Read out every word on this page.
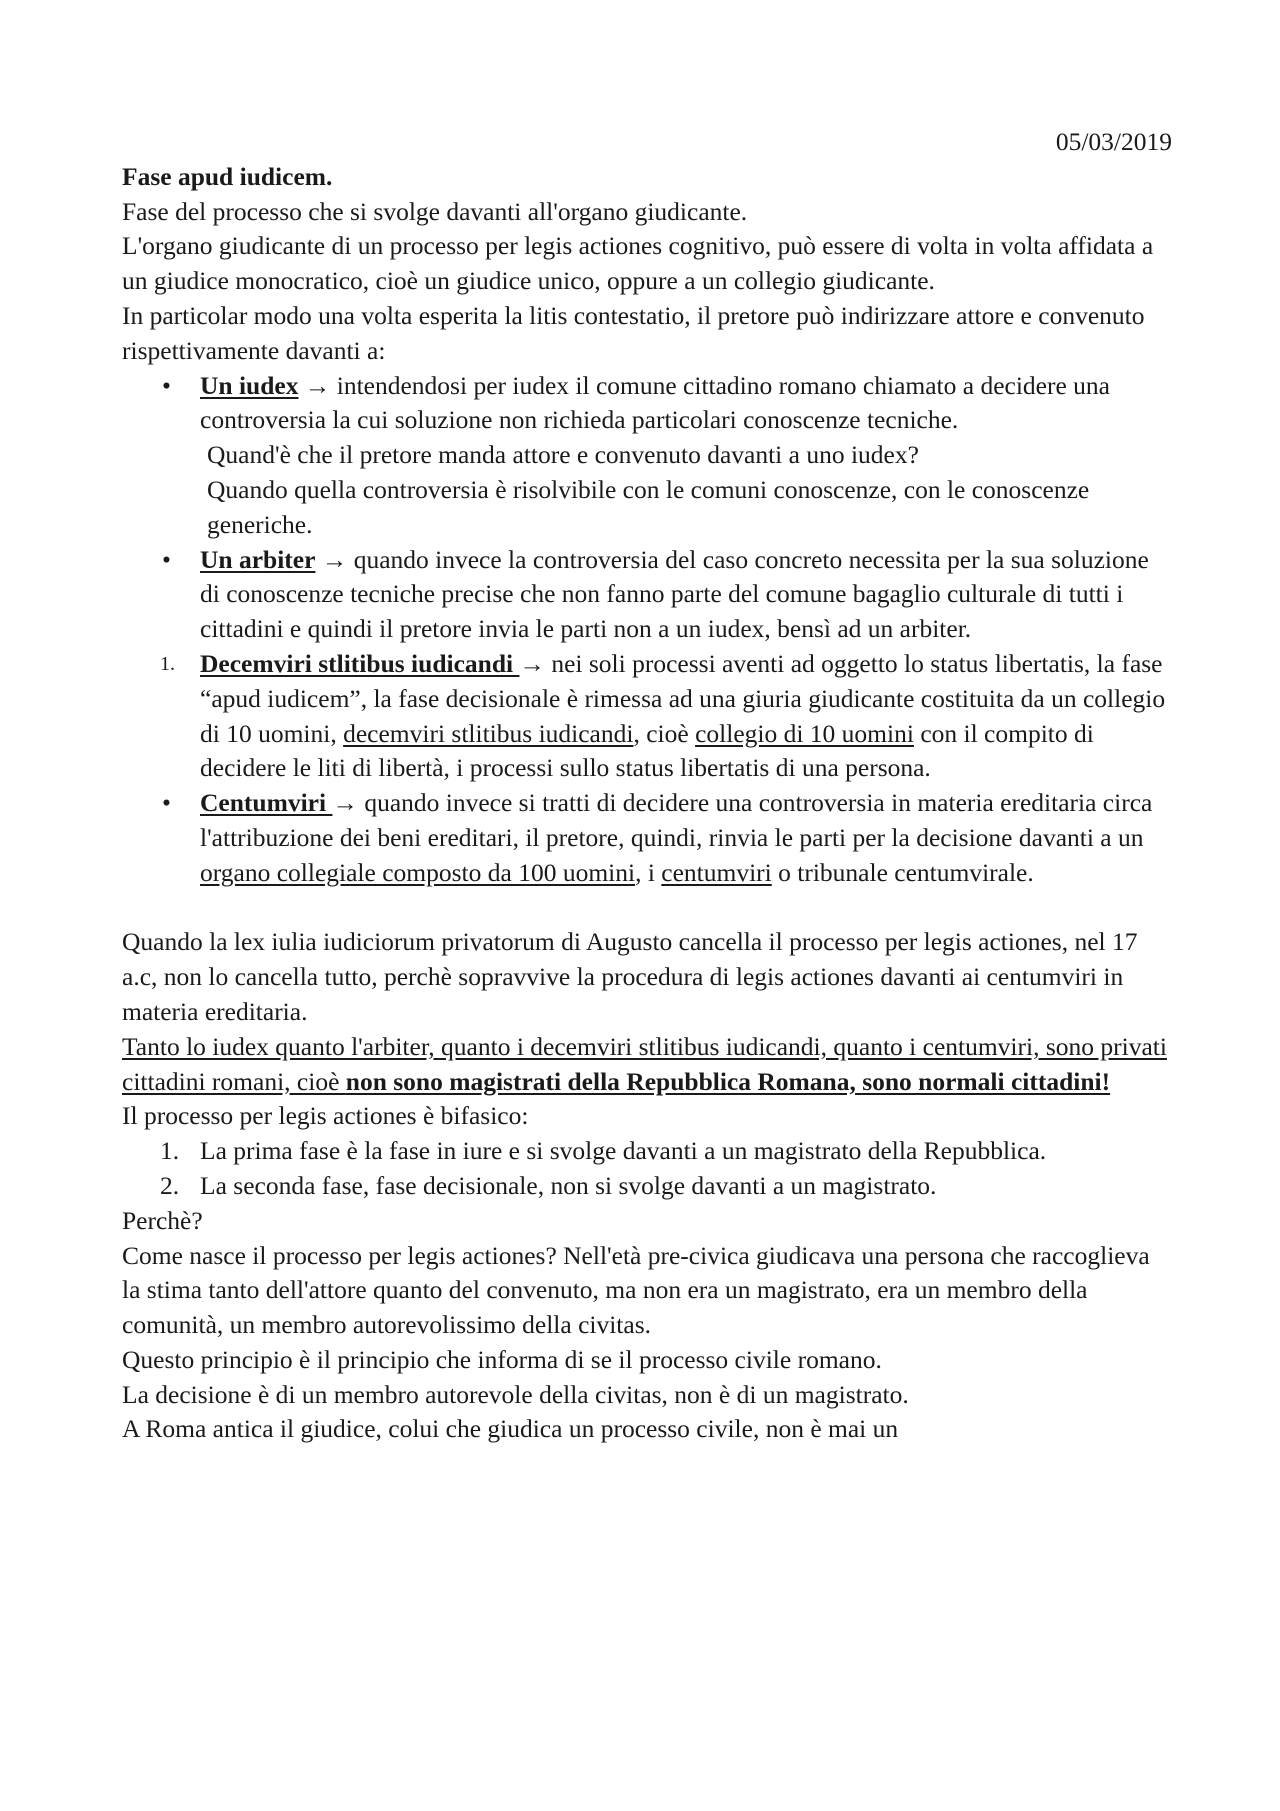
05/03/2019

Fase apud iudicem.

Fase del processo che si svolge davanti all'organo giudicante.

L'organo giudicante di un processo per legis actiones cognitivo, può essere di volta in volta affidata a un giudice monocratico, cioè un giudice unico, oppure a un collegio giudicante.

In particolar modo una volta esperita la litis contestatio, il pretore può indirizzare attore e convenuto rispettivamente davanti a:

•	Un iudex → intendendosi per iudex il comune cittadino romano chiamato a decidere una controversia la cui soluzione non richieda particolari conoscenze tecniche.

Quand'è che il pretore manda attore e convenuto davanti a uno iudex?

Quando quella controversia è risolvibile con le comuni conoscenze, con le conoscenze generiche.

•	Un arbiter → quando invece la controversia del caso concreto necessita per la sua soluzione di conoscenze tecniche precise che non fanno parte del comune bagaglio culturale di tutti i cittadini e quindi il pretore invia le parti non a un iudex, bensì ad un arbiter.
1. Decemviri stlitibus iudicandi → nei soli processi aventi ad oggetto lo status libertatis, la fase “apud iudicem”, la fase decisionale è rimessa ad una giuria giudicante costituita da un collegio di 10 uomini, decemviri stlitibus iudicandi, cioè collegio di 10 uomini con il compito di decidere le liti di libertà, i processi sullo status libertatis di una persona.
•	Centumviri → quando invece si tratti di decidere una controversia in materia ereditaria circa l'attribuzione dei beni ereditari, il pretore, quindi, rinvia le parti per la decisione davanti a un organo collegiale composto da 100 uomini, i centumviri o tribunale centumvirale.

Quando la lex iulia iudiciorum privatorum di Augusto cancella il processo per legis actiones, nel 17 a.c, non lo cancella tutto, perchè sopravvive la procedura di legis actiones davanti ai centumviri in materia ereditaria.

Tanto lo iudex quanto l'arbiter, quanto i decemviri stlitibus iudicandi, quanto i centumviri, sono privati cittadini romani, cioè non sono magistrati della Repubblica Romana, sono normali cittadini!

Il processo per legis actiones è bifasico:

1. La prima fase è la fase in iure e si svolge davanti a un magistrato della Repubblica.
2. La seconda fase, fase decisionale, non si svolge davanti a un magistrato.

Perchè?

Come nasce il processo per legis actiones? Nell'età pre-civica giudicava una persona che raccoglieva la stima tanto dell'attore quanto del convenuto, ma non era un magistrato, era un membro della comunità, un membro autorevolissimo della civitas.

Questo principio è il principio che informa di se il processo civile romano.

La decisione è di un membro autorevole della civitas, non è di un magistrato.

A Roma antica il giudice, colui che giudica un processo civile, non è mai un
